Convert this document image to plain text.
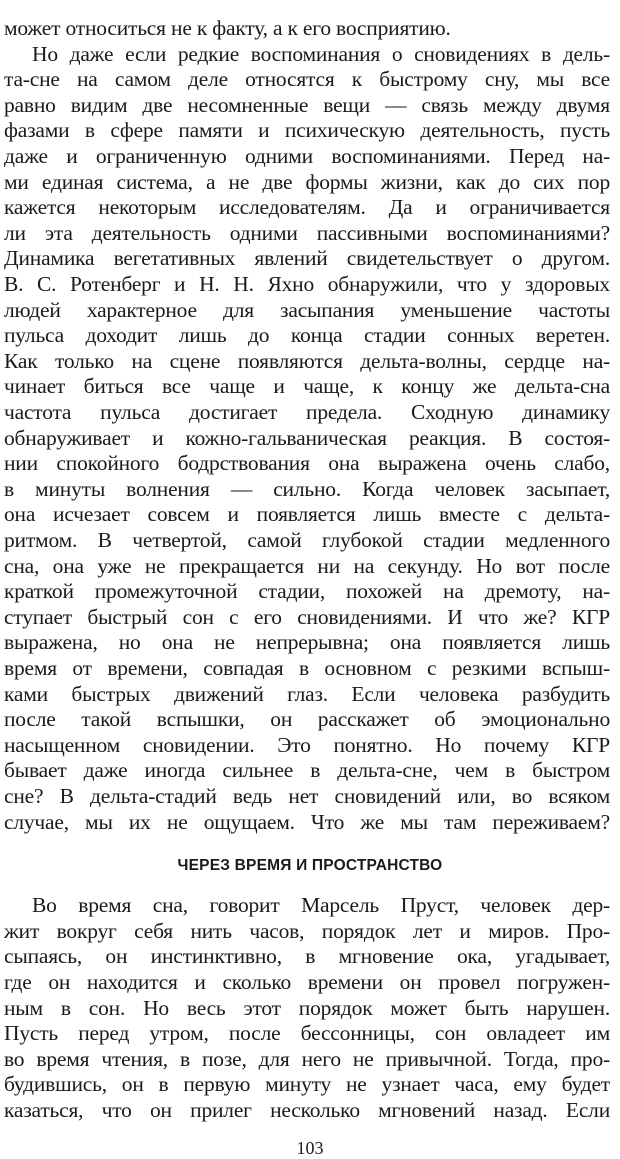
может относиться не к факту, а к его восприятию.
Но даже если редкие воспоминания о сновидениях в дель-
та-сне на самом деле относятся к быстрому сну, мы все
равно видим две несомненные вещи — связь между двумя
фазами в сфере памяти и психическую деятельность, пусть
даже и ограниченную одними воспоминаниями. Перед на-
ми единая система, а не две формы жизни, как до сих пор
кажется некоторым исследователям. Да и ограничивается
ли эта деятельность одними пассивными воспоминаниями?
Динамика вегетативных явлений свидетельствует о другом.
В. С. Ротенберг и Н. Н. Яхно обнаружили, что у здоровых
людей характерное для засыпания уменьшение частоты
пульса доходит лишь до конца стадии сонных веретен.
Как только на сцене появляются дельта-волны, сердце на-
чинает биться все чаще и чаще, к концу же дельта-сна
частота пульса достигает предела. Сходную динамику
обнаруживает и кожно-гальваническая реакция. В состоя-
нии спокойного бодрствования она выражена очень слабо,
в минуты волнения — сильно. Когда человек засыпает,
она исчезает совсем и появляется лишь вместе с дельта-
ритмом. В четвертой, самой глубокой стадии медленного
сна, она уже не прекращается ни на секунду. Но вот после
краткой промежуточной стадии, похожей на дремоту, на-
ступает быстрый сон с его сновидениями. И что же? КГР
выражена, но она не непрерывна; она появляется лишь
время от времени, совпадая в основном с резкими вспыш-
ками быстрых движений глаз. Если человека разбудить
после такой вспышки, он расскажет об эмоционально
насыщенном сновидении. Это понятно. Но почему КГР
бывает даже иногда сильнее в дельта-сне, чем в быстром
сне? В дельта-стадий ведь нет сновидений или, во всяком
случае, мы их не ощущаем. Что же мы там переживаем?
ЧЕРЕЗ ВРЕМЯ И ПРОСТРАНСТВО
Во время сна, говорит Марсель Пруст, человек дер-
жит вокруг себя нить часов, порядок лет и миров. Про-
сыпаясь, он инстинктивно, в мгновение ока, угадывает,
где он находится и сколько времени он провел погружен-
ным в сон. Но весь этот порядок может быть нарушен.
Пусть перед утром, после бессонницы, сон овладеет им
во время чтения, в позе, для него не привычной. Тогда, про-
будившись, он в первую минуту не узнает часа, ему будет
казаться, что он прилег несколько мгновений назад. Если
103
